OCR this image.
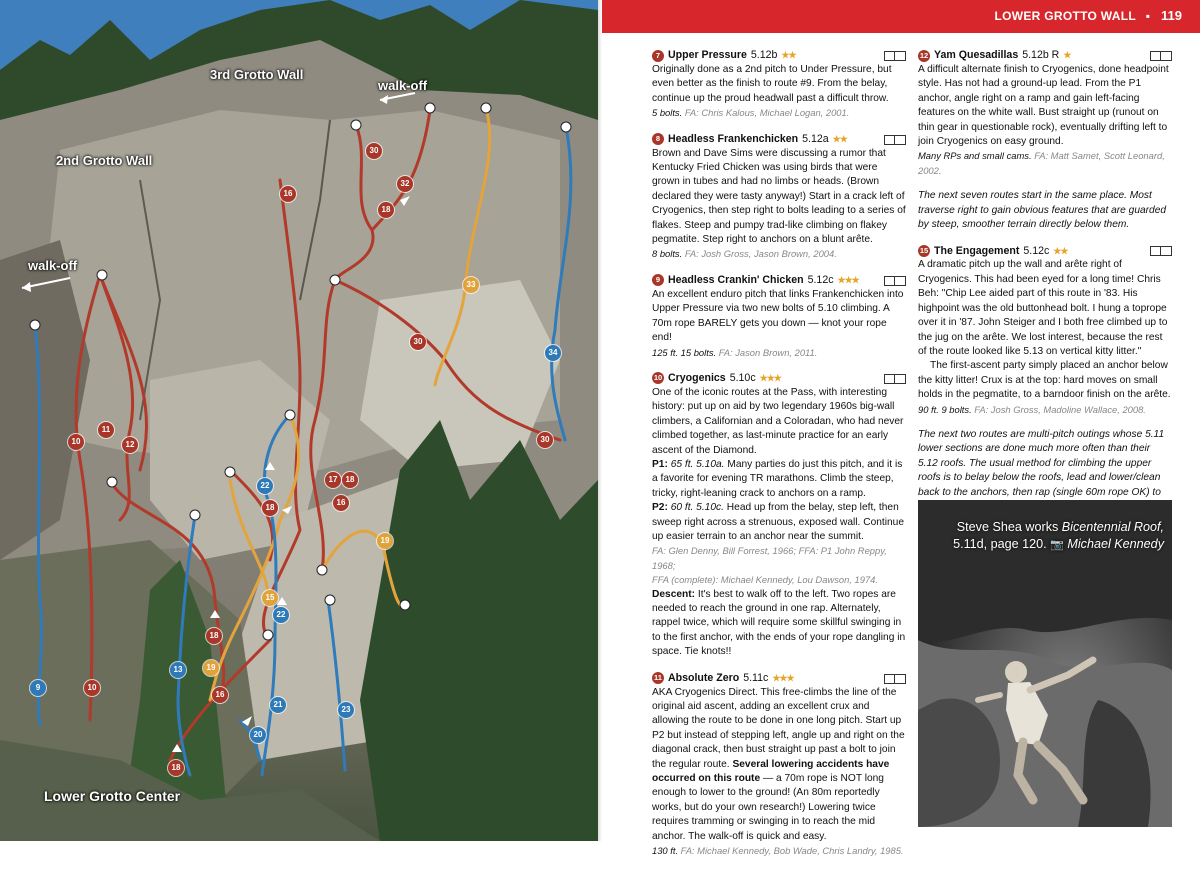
3rd Grotto Wall
2nd Grotto Wall
walk-off
walk-off
Lower Grotto Center
30
32
18
16
33
30
34
10
11
12
30
22
18
17	18
16
19
15
22
18
19
13
16
21
20
23
9	10
18
LOWER GROTTO WALL ▪ 119
7 Upper Pressure 5.12b ★★

Originally done as a 2nd pitch to Under Pressure, but even better as the finish to route #9. From the belay, continue up the proud headwall past a difficult throw.

5 bolts. FA: Chris Kalous, Michael Logan, 2001.

8 Headless Frankenchicken 5.12a ★★

Brown and Dave Sims were discussing a rumor that Kentucky Fried Chicken was using birds that were grown in tubes and had no limbs or heads. (Brown declared they were tasty anyway!) Start in a crack left of Cryogenics, then step right to bolts leading to a series of flakes. Steep and pumpy trad-like climbing on flakey pegmatite. Step right to anchors on a blunt arête.

8 bolts. FA: Josh Gross, Jason Brown, 2004.

9 Headless Crankin' Chicken 5.12c ★★★

An excellent enduro pitch that links Frankenchicken into Upper Pressure via two new bolts of 5.10 climbing. A 70m rope BARELY gets you down — knot your rope end!

125 ft. 15 bolts. FA: Jason Brown, 2011.

10 Cryogenics 5.10c ★★★

One of the iconic routes at the Pass, with interesting history: put up on aid by two legendary 1960s big-wall climbers, a Californian and a Coloradan, who had never climbed together, as last-minute practice for an early ascent of the Diamond.

P1: 65 ft. 5.10a. Many parties do just this pitch, and it is a favorite for evening TR marathons. Climb the steep, tricky, right-leaning crack to anchors on a ramp.

P2: 60 ft. 5.10c. Head up from the belay, step left, then sweep right across a strenuous, exposed wall. Continue up easier terrain to an anchor near the summit.

FA: Glen Denny, Bill Forrest, 1966; FFA: P1 John Reppy, 1968;

FFA (complete): Michael Kennedy, Lou Dawson, 1974.

Descent: It's best to walk off to the left. Two ropes are needed to reach the ground in one rap. Alternately, rappel twice, which will require some skillful swinging in to the first anchor, with the ends of your rope dangling in space. Tie knots!!

11 Absolute Zero 5.11c ★★★

AKA Cryogenics Direct. This free-climbs the line of the original aid ascent, adding an excellent crux and allowing the route to be done in one long pitch. Start up P2 but instead of stepping left, angle up and right on the diagonal crack, then bust straight up past a bolt to join the regular route. Several lowering accidents have occurred on this route — a 70m rope is NOT long enough to lower to the ground! (An 80m reportedly works, but do your own research!) Lowering twice requires tramming or swinging in to reach the mid anchor. The walk-off is quick and easy.

130 ft. FA: Michael Kennedy, Bob Wade, Chris Landry, 1985.

12 Yam Quesadillas 5.12b R ★

A difficult alternate finish to Cryogenics, done headpoint style. Has not had a ground-up lead. From the P1 anchor, angle right on a ramp and gain left-facing features on the white wall. Bust straight up (runout on thin gear in questionable rock), eventually drifting left to join Cryogenics on easy ground.

Many RPs and small cams. FA: Matt Samet, Scott Leonard, 2002.

The next seven routes start in the same place. Most traverse right to gain obvious features that are guarded by steep, smoother terrain directly below them.

15 The Engagement 5.12c ★★

A dramatic pitch up the wall and arête right of Cryogenics. This had been eyed for a long time! Chris Beh: "Chip Lee aided part of this route in '83. His highpoint was the old buttonhead bolt. I hung a toprope over it in '87. John Steiger and I both free climbed up to the jug on the arête. We lost interest, because the rest of the route looked like 5.13 on vertical kitty litter."

The first-ascent party simply placed an anchor below the kitty litter! Crux is at the top: hard moves on small holds in the pegmatite, to a barndoor finish on the arête.

90 ft. 9 bolts. FA: Josh Gross, Madoline Wallace, 2008.

The next two routes are multi-pitch outings whose 5.11 lower sections are done much more often than their 5.12 roofs. The usual method for climbing the upper roofs is to belay below the roofs, lead and lower/clean back to the anchors, then rap (single 60m rope OK) to

Steve Shea works Bicentennial Roof,
5.11d, page 120. 📷 Michael Kennedy
